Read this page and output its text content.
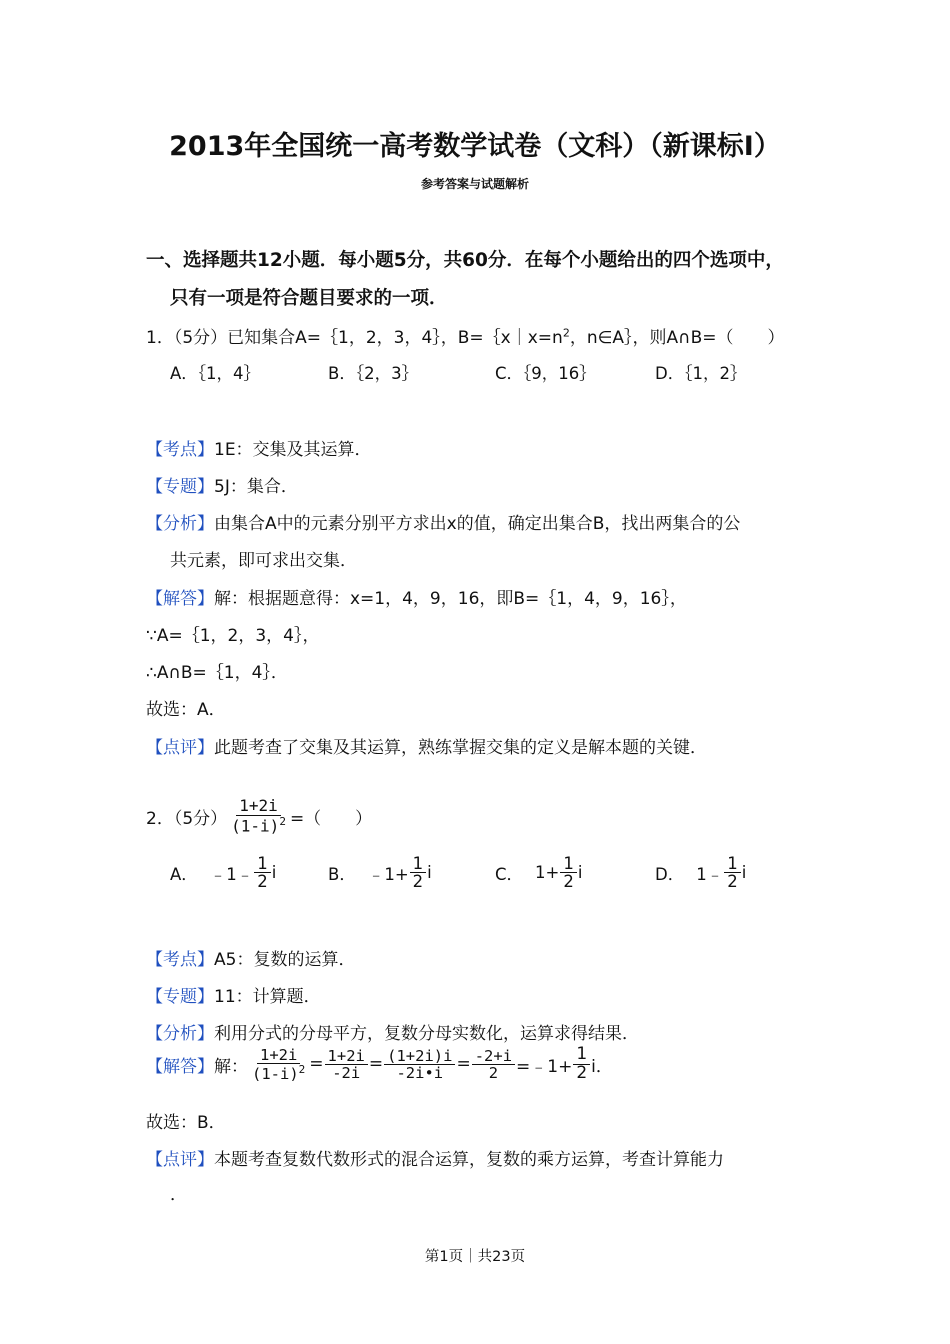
2013年全国统一高考数学试卷（文科）（新课标Ⅰ）
参考答案与试题解析
一、选择题共12小题．每小题5分，共60分．在每个小题给出的四个选项中，
只有一项是符合题目要求的一项．
1．（5分）已知集合A=｛1，2，3，4｝，$B=\{x|x=n^2$，n∈A｝，则A∩B=（　　）
A．｛1，4｝	B．｛2，3｝	C．｛9，16｝	D．｛1，2｝
【考点】1E：交集及其运算．
【专题】5J：集合．
【分析】由集合A中的元素分别平方求出x的值，确定出集合B，找出两集合的公
共元素，即可求出交集．
【解答】解：根据题意得：x=1，4，9，16，即B=｛1，4，9，16｝，
∵A=｛1，2，3，4｝，
∴A∩B=｛1，4｝．
故选：A．
【点评】此题考查了交集及其运算，熟练掌握交集的定义是解本题的关键．
2．（5分） $\frac{1+2i}{(1-i)^2}$ =（　　）
A． ﹣1﹣ $\frac{1}{2}$ i	B． ﹣1+ $\frac{1}{2}$ i	C． $1+ \frac{1}{2}$ i	D． 1﹣ $\frac{1}{2}$ i
【考点】A5：复数的运算．
【专题】11：计算题．
【分析】利用分式的分母平方，复数分母实数化，运算求得结果．
【解答】 解： $\frac{1+2i}{(1-i)^2} = \frac{1+2i}{-2i} = \frac{(1+2i)i}{-2i•i} = \frac{-2+i}{2}$ =﹣1+ $\frac{1}{2}$ i．
故选：B．
【点评】本题考查复数代数形式的混合运算，复数的乘方运算，考查计算能力
．
第1页｜共23页
